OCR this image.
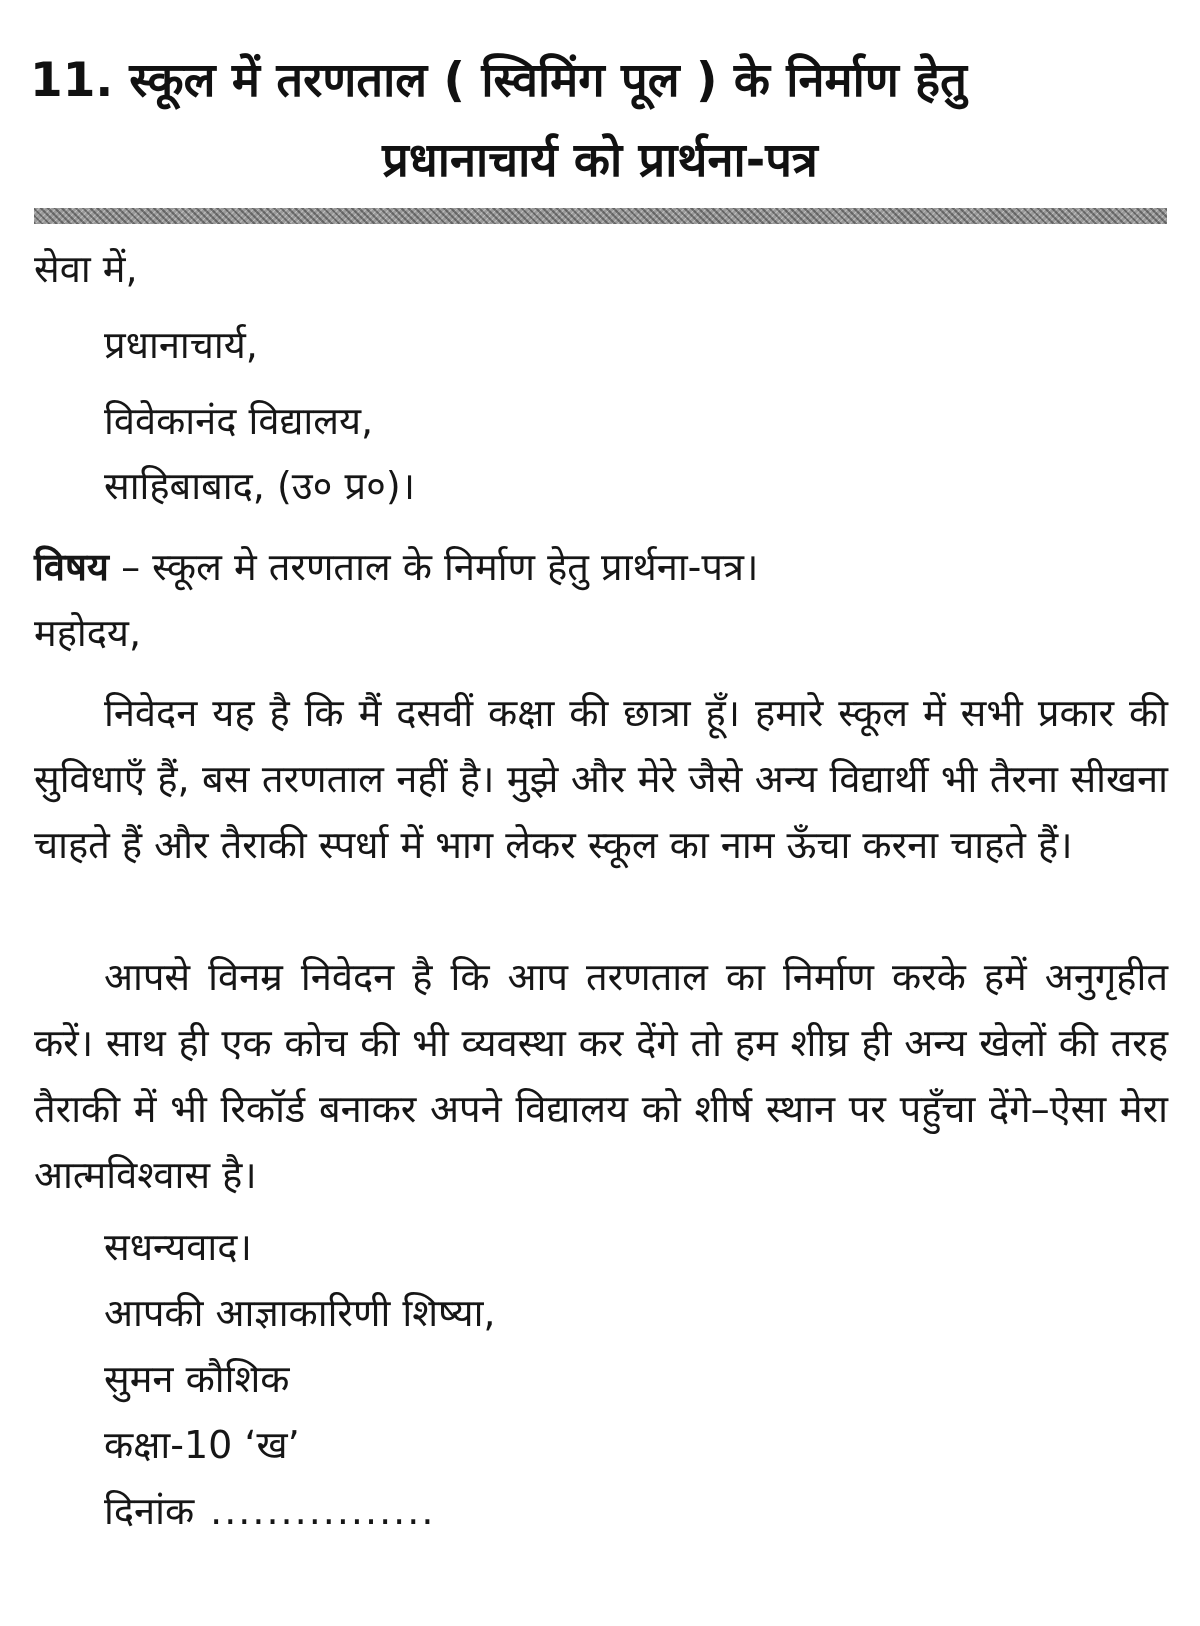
11. स्कूल में तरणताल ( स्विमिंग पूल ) के निर्माण हेतु
प्रधानाचार्य को प्रार्थना-पत्र

सेवा में,

प्रधानाचार्य,

विवेकानंद विद्यालय,

साहिबाबाद, (उ० प्र०)।

विषय – स्कूल मे तरणताल के निर्माण हेतु प्रार्थना-पत्र।

महोदय,

निवेदन यह है कि मैं दसवीं कक्षा की छात्रा हूँ। हमारे स्कूल में सभी प्रकार की सुविधाएँ हैं, बस तरणताल नहीं है। मुझे और मेरे जैसे अन्य विद्यार्थी भी तैरना सीखना चाहते हैं और तैराकी स्पर्धा में भाग लेकर स्कूल का नाम ऊँचा करना चाहते हैं।

आपसे विनम्र निवेदन है कि आप तरणताल का निर्माण करके हमें अनुगृहीत करें। साथ ही एक कोच की भी व्यवस्था कर देंगे तो हम शीघ्र ही अन्य खेलों की तरह तैराकी में भी रिकॉर्ड बनाकर अपने विद्यालय को शीर्ष स्थान पर पहुँचा देंगे–ऐसा मेरा आत्मविश्वास है।

सधन्यवाद।

आपकी आज्ञाकारिणी शिष्या,

सुमन कौशिक

कक्षा-10 ‘ख’

दिनांक ................
